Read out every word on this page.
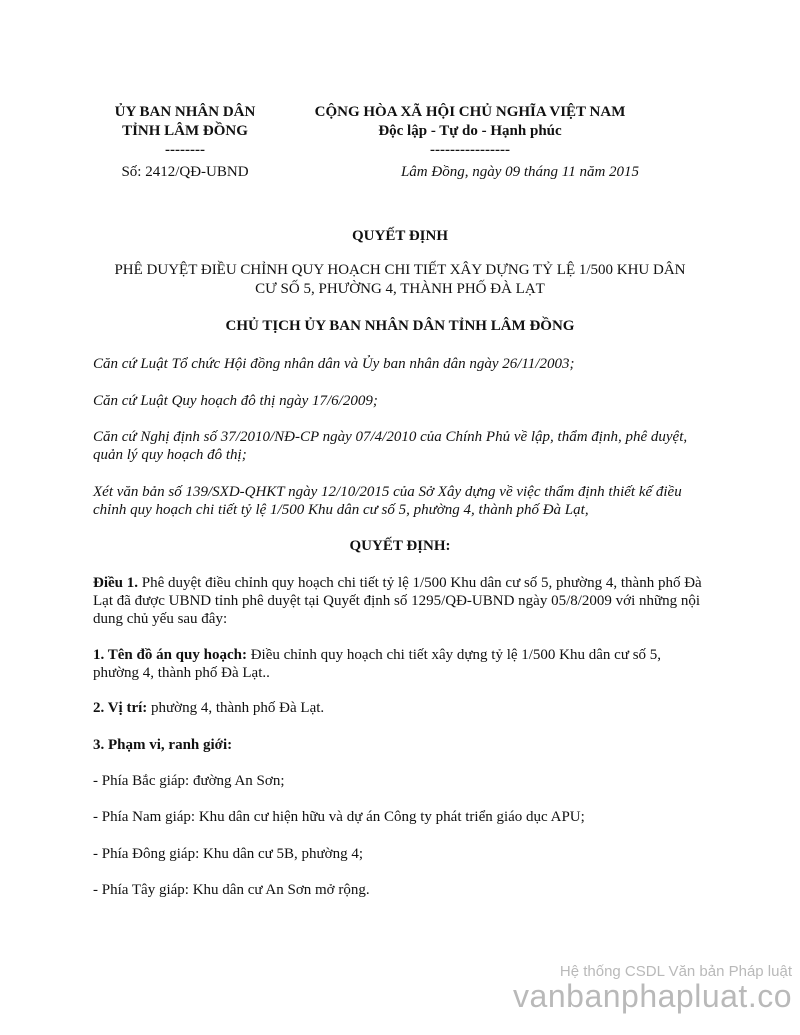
ỦY BAN NHÂN DÂN
TỈNH LÂM ĐỒNG
--------
Số: 2412/QĐ-UBND
CỘNG HÒA XÃ HỘI CHỦ NGHĨA VIỆT NAM
Độc lập - Tự do - Hạnh phúc
----------------
Lâm Đồng, ngày 09 tháng 11 năm 2015
QUYẾT ĐỊNH
PHÊ DUYỆT ĐIỀU CHỈNH QUY HOẠCH CHI TIẾT XÂY DỰNG TỶ LỆ 1/500 KHU DÂN
CƯ SỐ 5, PHƯỜNG 4, THÀNH PHỐ ĐÀ LẠT
CHỦ TỊCH ỦY BAN NHÂN DÂN TỈNH LÂM ĐỒNG
Căn cứ Luật Tổ chức Hội đồng nhân dân và Ủy ban nhân dân ngày 26/11/2003;
Căn cứ Luật Quy hoạch đô thị ngày 17/6/2009;
Căn cứ Nghị định số 37/2010/NĐ-CP ngày 07/4/2010 của Chính Phủ về lập, thẩm định, phê duyệt, quản lý quy hoạch đô thị;
Xét văn bản số 139/SXD-QHKT ngày 12/10/2015 của Sở Xây dựng về việc thẩm định thiết kế điều chỉnh quy hoạch chi tiết tỷ lệ 1/500 Khu dân cư số 5, phường 4, thành phố Đà Lạt,
QUYẾT ĐỊNH:
Điều 1. Phê duyệt điều chỉnh quy hoạch chi tiết tỷ lệ 1/500 Khu dân cư số 5, phường 4, thành phố Đà Lạt đã được UBND tỉnh phê duyệt tại Quyết định số 1295/QĐ-UBND ngày 05/8/2009 với những nội dung chủ yếu sau đây:
1. Tên đồ án quy hoạch: Điều chỉnh quy hoạch chi tiết xây dựng tỷ lệ 1/500 Khu dân cư số 5, phường 4, thành phố Đà Lạt..
2. Vị trí: phường 4, thành phố Đà Lạt.
3. Phạm vi, ranh giới:
- Phía Bắc giáp: đường An Sơn;
- Phía Nam giáp: Khu dân cư hiện hữu và dự án Công ty phát triển giáo dục APU;
- Phía Đông giáp: Khu dân cư 5B, phường 4;
- Phía Tây giáp: Khu dân cư An Sơn mở rộng.
Hệ thống CSDL Văn bản Pháp luật
vanbanphapluat.co
